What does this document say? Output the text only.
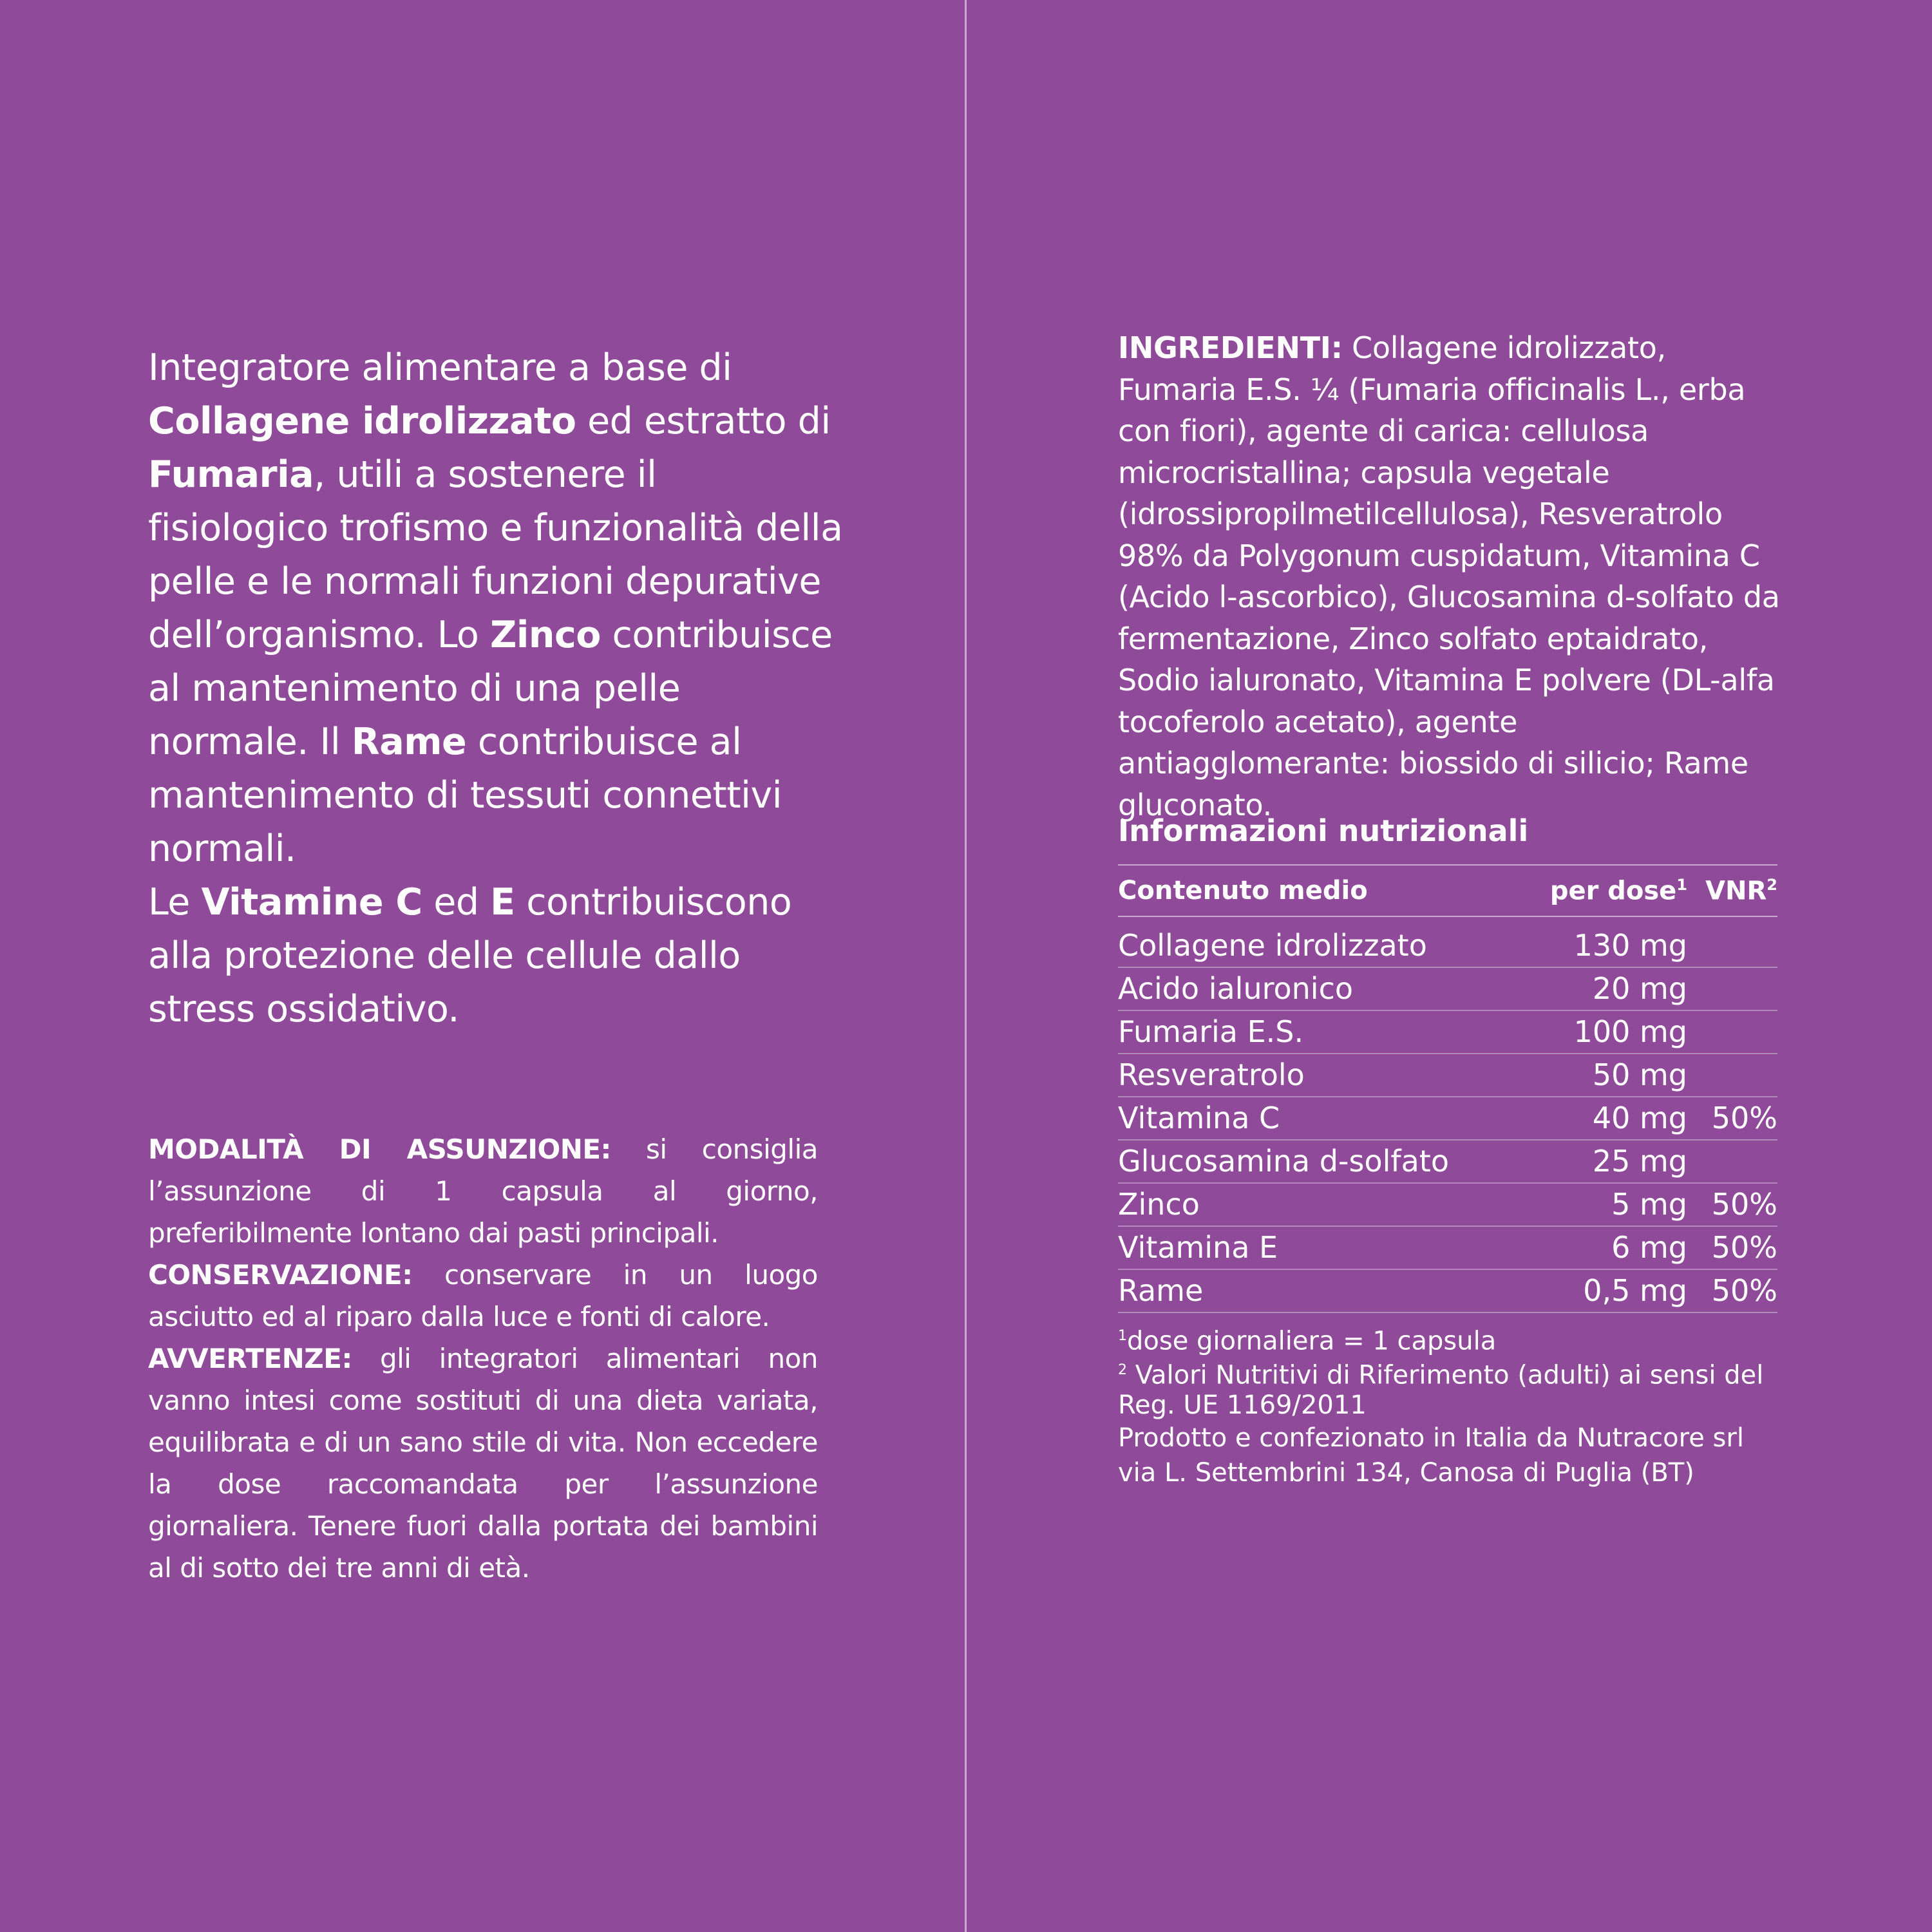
Integratore alimentare a base di Collagene idrolizzato ed estratto di Fumaria, utili a sostenere il fisiologico trofismo e funzionalità della pelle e le normali funzioni depurative dell’organismo. Lo Zinco contribuisce al mantenimento di una pelle normale. Il Rame contribuisce al mantenimento di tessuti connettivi normali.
Le Vitamine C ed E contribuiscono alla protezione delle cellule dallo stress ossidativo.

MODALITÀ DI ASSUNZIONE: si consiglia l’assunzione di 1 capsula al giorno, preferibilmente lontano dai pasti principali.
CONSERVAZIONE: conservare in un luogo asciutto ed al riparo dalla luce e fonti di calore.
AVVERTENZE: gli integratori alimentari non vanno intesi come sostituti di una dieta variata, equilibrata e di un sano stile di vita. Non eccedere la dose raccomandata per l’assunzione giornaliera. Tenere fuori dalla portata dei bambini al di sotto dei tre anni di età.

INGREDIENTI: Collagene idrolizzato, Fumaria E.S. ¼ (Fumaria officinalis L., erba con fiori), agente di carica: cellulosa microcristallina; capsula vegetale (idrossipropilmetilcellulosa), Resveratrolo 98% da Polygonum cuspidatum, Vitamina C (Acido l-ascorbico), Glucosamina d-solfato da fermentazione, Zinco solfato eptaidrato, Sodio ialuronato, Vitamina E polvere (DL-alfa tocoferolo acetato), agente antiagglomerante: biossido di silicio; Rame gluconato.

Informazioni nutrizionali
Contenuto medio	per dose$^1$	VNR$^2$
Collagene idrolizzato	130 mg	
Acido ialuronico	20 mg	
Fumaria E.S.	100 mg	
Resveratrolo	50 mg	
Vitamina C	40 mg	50%
Glucosamina d-solfato	25 mg	
Zinco	5 mg	50%
Vitamina E	6 mg	50%
Rame	0,5 mg	50%
$^1$dose giornaliera = 1 capsula
$^2$ Valori Nutritivi di Riferimento (adulti) ai sensi del Reg. UE 1169/2011
Prodotto e confezionato in Italia da Nutracore srl
via L. Settembrini 134, Canosa di Puglia (BT)
